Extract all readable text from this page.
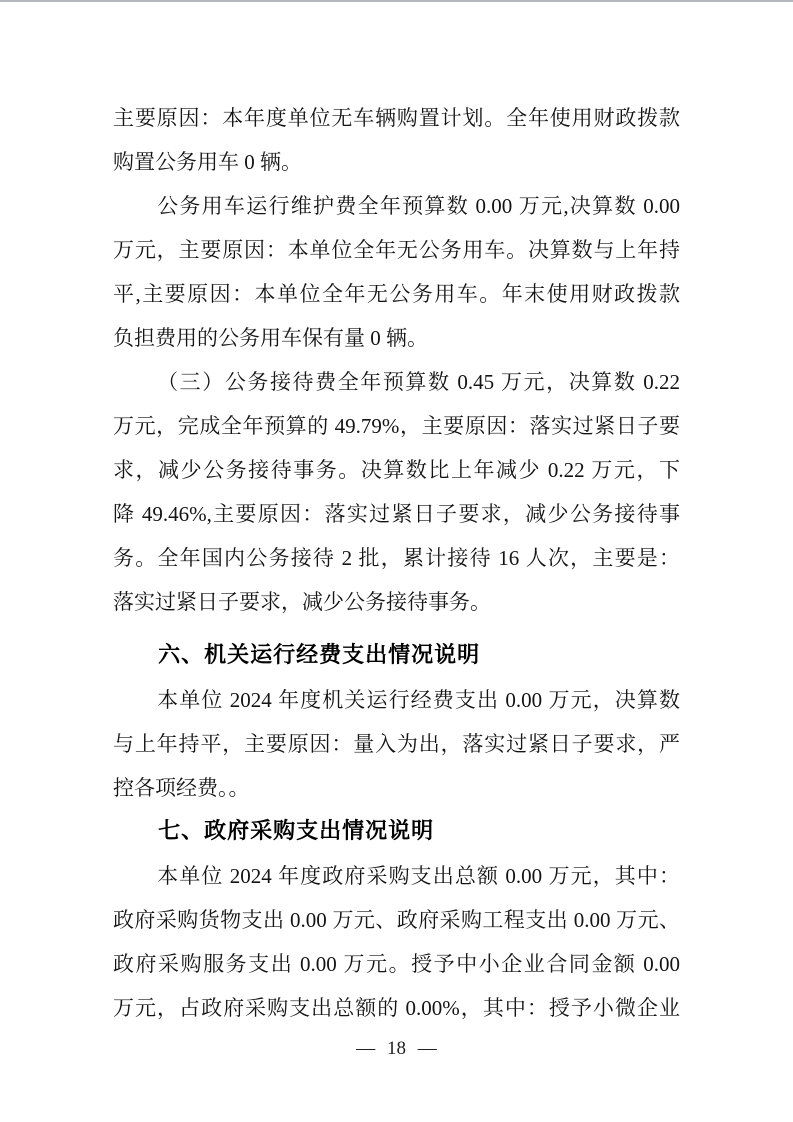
主要原因：本年度单位无车辆购置计划。全年使用财政拨款
购置公务用车 0 辆。
公务用车运行维护费全年预算数 0.00 万元,决算数 0.00
万元，主要原因：本单位全年无公务用车。决算数与上年持
平,主要原因：本单位全年无公务用车。年末使用财政拨款
负担费用的公务用车保有量 0 辆。
（三）公务接待费全年预算数 0.45 万元，决算数 0.22
万元，完成全年预算的 49.79%，主要原因：落实过紧日子要
求，减少公务接待事务。决算数比上年减少 0.22 万元，下
降 49.46%,主要原因：落实过紧日子要求，减少公务接待事
务。全年国内公务接待 2 批，累计接待 16 人次，主要是：
落实过紧日子要求，减少公务接待事务。
六、机关运行经费支出情况说明
本单位 2024 年度机关运行经费支出 0.00 万元，决算数
与上年持平，主要原因：量入为出，落实过紧日子要求，严
控各项经费。。
七、政府采购支出情况说明
本单位 2024 年度政府采购支出总额 0.00 万元，其中：
政府采购货物支出 0.00 万元、政府采购工程支出 0.00 万元、
政府采购服务支出 0.00 万元。授予中小企业合同金额 0.00
万元，占政府采购支出总额的 0.00%，其中：授予小微企业
— 18 —
